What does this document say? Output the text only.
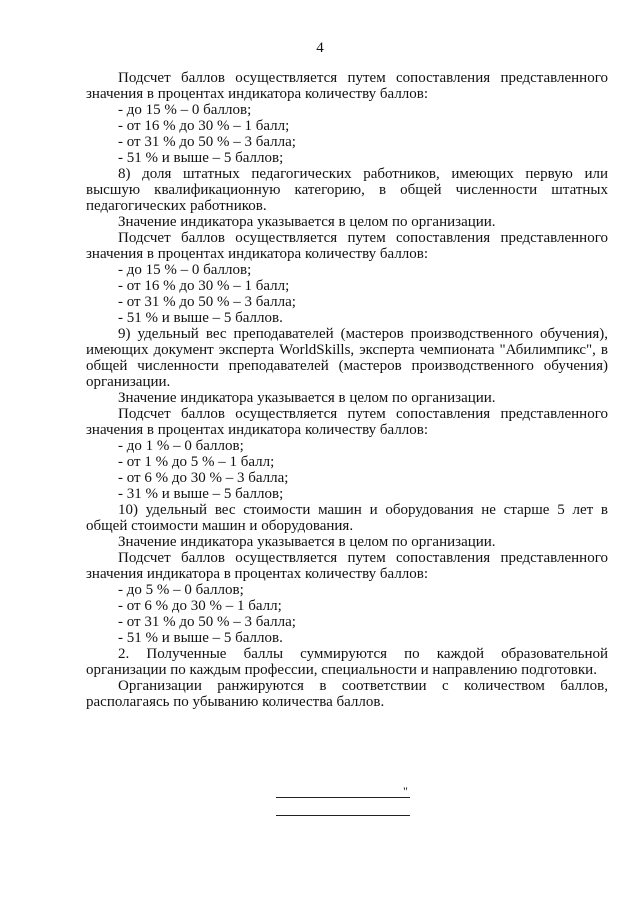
4

Подсчет баллов осуществляется путем сопоставления представленного значения в процентах индикатора количеству баллов:

- до 15 % – 0 баллов;

- от 16 % до 30 % – 1 балл;

- от 31 % до 50 % – 3 балла;

- 51 % и выше – 5 баллов;

8) доля штатных педагогических работников, имеющих первую или высшую квалификационную категорию, в общей численности штатных педагогических работников.

Значение индикатора указывается в целом по организации.

Подсчет баллов осуществляется путем сопоставления представленного значения в процентах индикатора количеству баллов:

- до 15 % – 0 баллов;

- от 16 % до 30 % – 1 балл;

- от 31 % до 50 % – 3 балла;

- 51 % и выше – 5 баллов.

9) удельный вес преподавателей (мастеров производственного обучения), имеющих документ эксперта WorldSkills, эксперта чемпионата "Абилимпикс", в общей численности преподавателей (мастеров производственного обучения) организации.

Значение индикатора указывается в целом по организации.

Подсчет баллов осуществляется путем сопоставления представленного значения в процентах индикатора количеству баллов:

- до 1 % – 0 баллов;

- от 1 % до 5 % – 1 балл;

- от 6 % до 30 % – 3 балла;

- 31 % и выше – 5 баллов;

10) удельный вес стоимости машин и оборудования не старше 5 лет в общей стоимости машин и оборудования.

Значение индикатора указывается в целом по организации.

Подсчет баллов осуществляется путем сопоставления представленного значения индикатора в процентах количеству баллов:

- до 5 % – 0 баллов;

- от 6 % до 30 % – 1 балл;

- от 31 % до 50 % – 3 балла;

- 51 % и выше – 5 баллов.

2. Полученные баллы суммируются по каждой образовательной организации по каждым профессии, специальности и направлению подготовки.

Организации ранжируются в соответствии с количеством баллов, располагаясь по убыванию количества баллов.

"
